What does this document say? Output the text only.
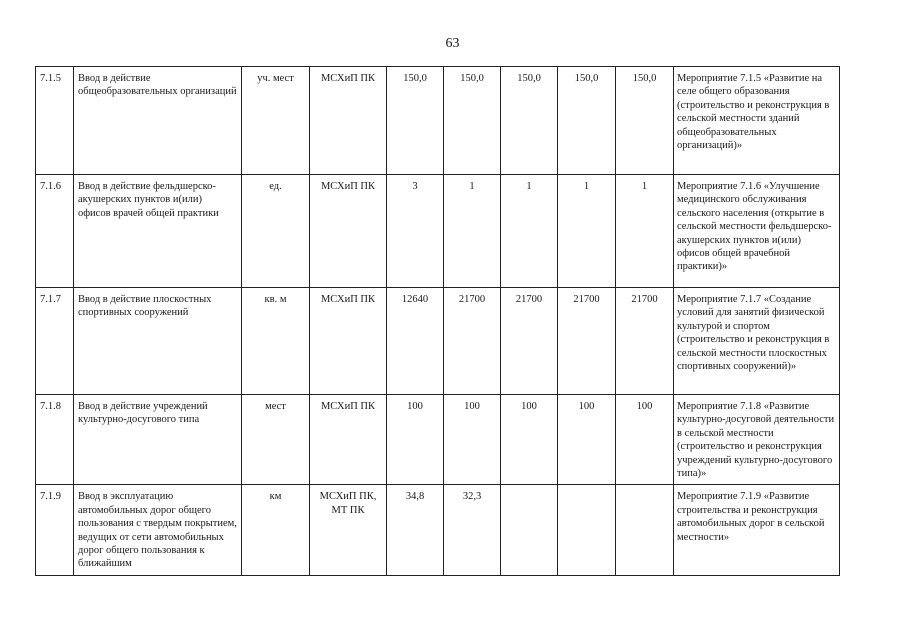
63
7.1.5	Ввод в действие общеобразовательных организаций	уч. мест	МСХиП ПК	150,0	150,0	150,0	150,0	150,0	Мероприятие 7.1.5 «Развитие на селе общего образования (строительство и реконструкция в сельской местности зданий общеобразовательных организаций)»
7.1.6	Ввод в действие фельдшерско-акушерских пунктов и(или) офисов врачей общей практики	ед.	МСХиП ПК	3	1	1	1	1	Мероприятие 7.1.6 «Улучшение медицинского обслуживания сельского населения (открытие в сельской местности фельдшерско-акушерских пунктов и(или) офисов общей врачебной практики)»
7.1.7	Ввод в действие плоскостных спортивных сооружений	кв. м	МСХиП ПК	12640	21700	21700	21700	21700	Мероприятие 7.1.7 «Создание условий для занятий физической культурой и спортом (строительство и реконструкция в сельской местности плоскостных спортивных сооружений)»
7.1.8	Ввод в действие учреждений культурно-досугового типа	мест	МСХиП ПК	100	100	100	100	100	Мероприятие 7.1.8 «Развитие культурно-досуговой деятельности в сельской местности (строительство и реконструкция учреждений культурно-досугового типа)»
7.1.9	Ввод в эксплуатацию автомобильных дорог общего пользования с твердым покрытием, ведущих от сети автомобильных дорог общего пользования к ближайшим	км	МСХиП ПК, МТ ПК	34,8	32,3				Мероприятие 7.1.9 «Развитие строительства и реконструкция автомобильных дорог в сельской местности»
